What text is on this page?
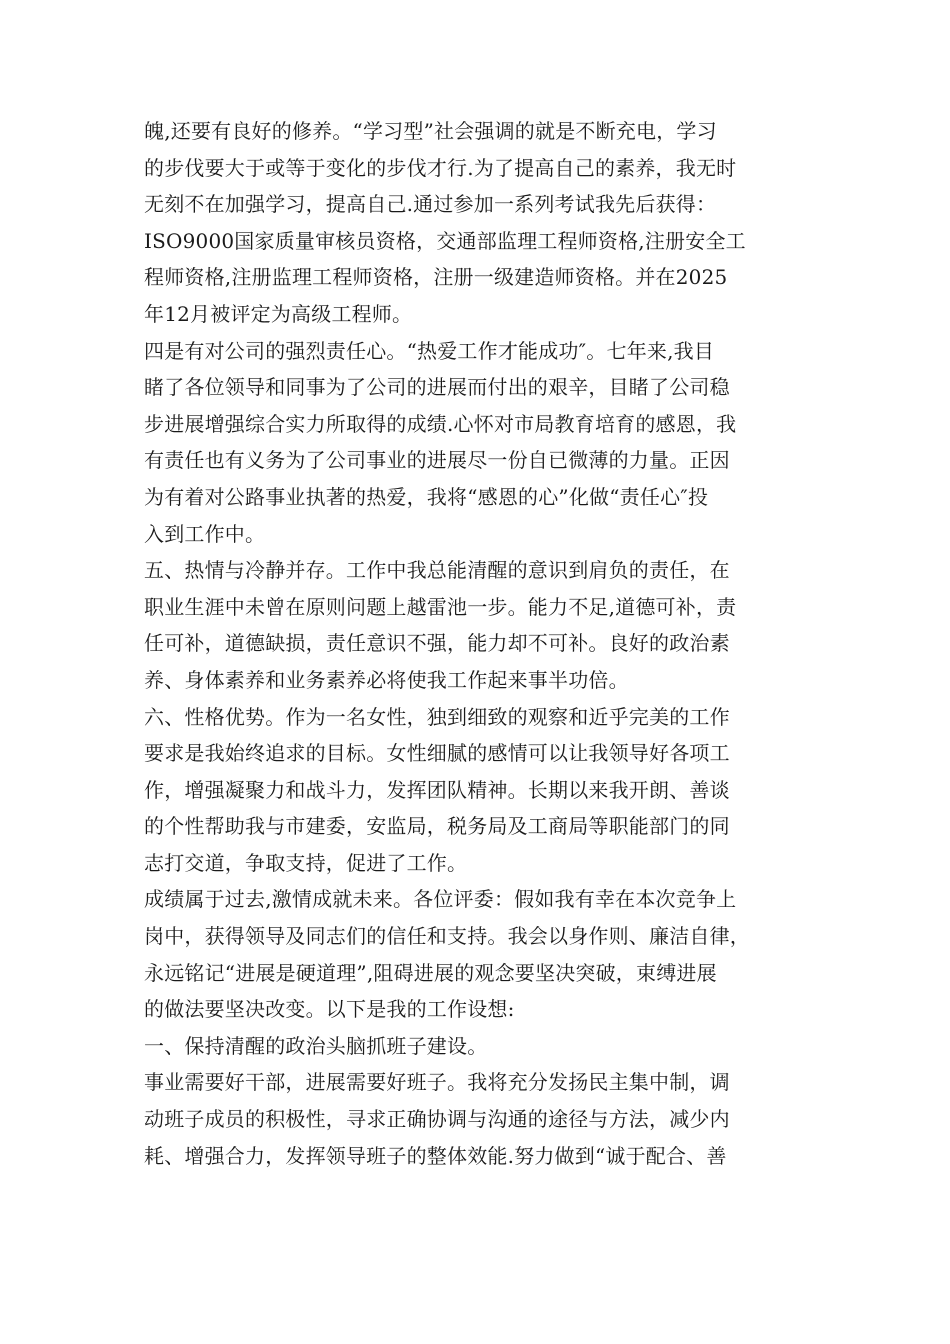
魄,还要有良好的修养。“学习型”社会强调的就是不断充电，学习
的步伐要大于或等于变化的步伐才行.为了提高自己的素养，我无时
无刻不在加强学习，提高自己.通过参加一系列考试我先后获得：
ISO9000国家质量审核员资格，交通部监理工程师资格,注册安全工
程师资格,注册监理工程师资格，注册一级建造师资格。并在2025
年12月被评定为高级工程师。
四是有对公司的强烈责任心。“热爱工作才能成功″。七年来,我目
睹了各位领导和同事为了公司的进展而付出的艰辛，目睹了公司稳
步进展增强综合实力所取得的成绩.心怀对市局教育培育的感恩，我
有责任也有义务为了公司事业的进展尽一份自已微薄的力量。正因
为有着对公路事业执著的热爱，我将“感恩的心”化做“责任心″投
入到工作中。
五、热情与冷静并存。工作中我总能清醒的意识到肩负的责任，在
职业生涯中未曾在原则问题上越雷池一步。能力不足,道德可补，责
任可补，道德缺损，责任意识不强，能力却不可补。良好的政治素
养、身体素养和业务素养必将使我工作起来事半功倍。
六、性格优势。作为一名女性，独到细致的观察和近乎完美的工作
要求是我始终追求的目标。女性细腻的感情可以让我领导好各项工
作，增强凝聚力和战斗力，发挥团队精神。长期以来我开朗、善谈
的个性帮助我与市建委，安监局，税务局及工商局等职能部门的同
志打交道，争取支持，促进了工作。
成绩属于过去,激情成就未来。各位评委：假如我有幸在本次竞争上
岗中，获得领导及同志们的信任和支持。我会以身作则、廉洁自律，
永远铭记“进展是硬道理”,阻碍进展的观念要坚决突破，束缚进展
的做法要坚决改变。以下是我的工作设想:
一、保持清醒的政治头脑抓班子建设。
事业需要好干部，进展需要好班子。我将充分发扬民主集中制，调
动班子成员的积极性，寻求正确协调与沟通的途径与方法，减少内
耗、增强合力，发挥领导班子的整体效能.努力做到“诚于配合、善
